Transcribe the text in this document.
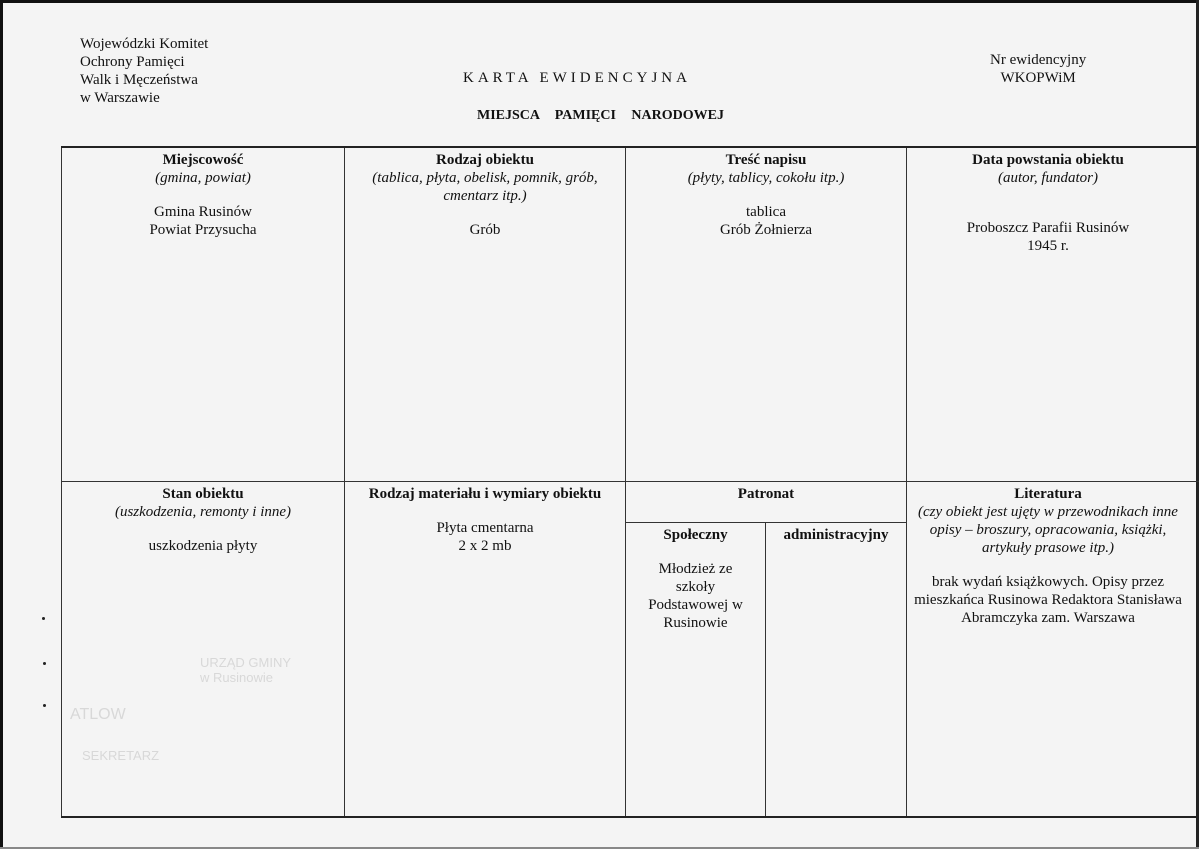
Wojewódzki Komitet
Ochrony Pamięci
Walk i Męczeństwa
w Warszawie
KARTA EWIDENCYJNA
MIEJSCA PAMIĘCI NARODOWEJ
Nr ewidencyjny
WKOPWiM
Miejscowość
(gmina, powiat)
Gmina Rusinów
Powiat Przysucha
Rodzaj obiektu
(tablica, płyta, obelisk, pomnik, grób, cmentarz itp.)
Grób
Treść napisu
(płyty, tablicy, cokołu itp.)
tablica
Grób Żołnierza
Data powstania obiektu
(autor, fundator)
Proboszcz Parafii Rusinów
1945 r.
Stan obiektu
(uszkodzenia, remonty i inne)
uszkodzenia płyty
Rodzaj materiału i wymiary obiektu
Płyta cmentarna
2 x 2 mb
Patronat
Społeczny
Młodzież ze
szkoły
Podstawowej w
Rusinowie
administracyjny
Literatura
(czy obiekt jest ujęty w przewodnikach inne opisy – broszury, opracowania, książki, artykuły prasowe itp.)
brak wydań książkowych. Opisy przez mieszkańca Rusinowa Redaktora Stanisława Abramczyka zam. Warszawa
URZĄD GMINY
w Rusinowie
ATLOW
SEKRETARZ
